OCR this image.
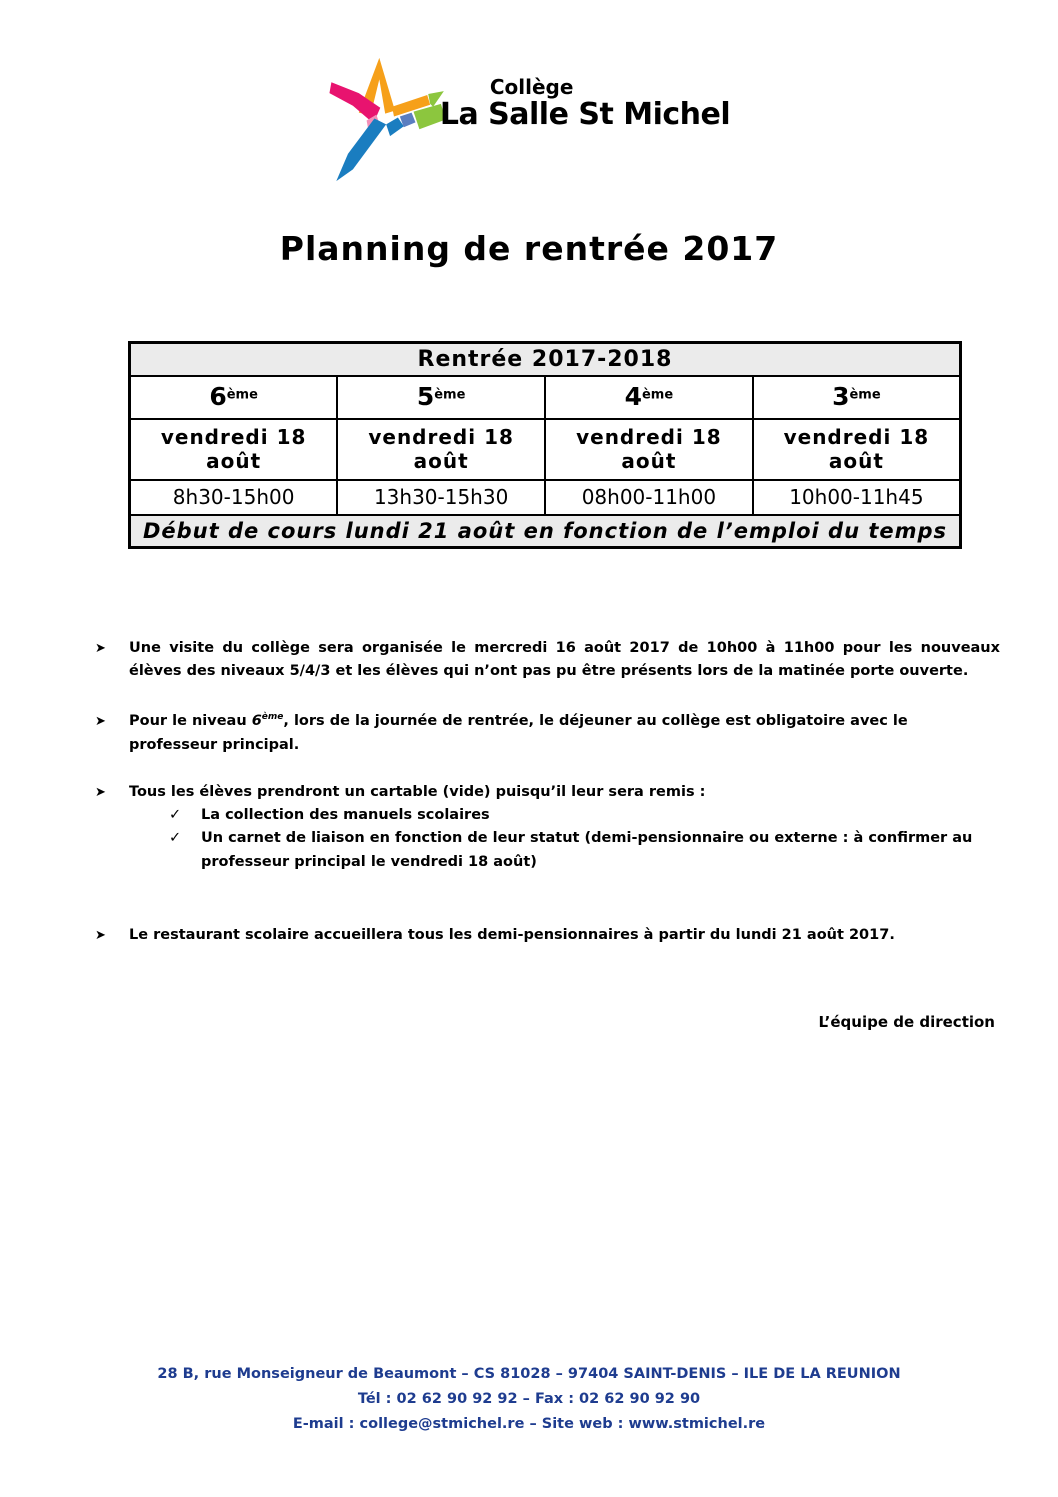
Collège
La Salle St Michel
Planning de rentrée 2017
Rentrée 2017-2018			
6ème	5ème	4ème	3ème
vendredi 18 août	vendredi 18 août	vendredi 18 août	vendredi 18 août
8h30-15h00	13h30-15h30	08h00-11h00	10h00-11h45
Début de cours lundi 21 août en fonction de l’emploi du temps			
➤	Une visite du collège sera organisée le mercredi 16 août 2017 de 10h00 à 11h00 pour les nouveaux élèves des niveaux 5/4/3 et les élèves qui n’ont pas pu être présents lors de la matinée porte ouverte.

➤	Pour le niveau 6ème, lors de la journée de rentrée, le déjeuner au collège est obligatoire avec le professeur principal.

➤	Tous les élèves prendront un cartable (vide) puisqu’il leur sera remis :

✓	La collection des manuels scolaires

✓	Un carnet de liaison en fonction de leur statut (demi-pensionnaire ou externe : à confirmer au professeur principal le vendredi 18 août)

➤	Le restaurant scolaire accueillera tous les demi-pensionnaires à partir du lundi 21 août 2017.

L’équipe de direction
28 B, rue Monseigneur de Beaumont – CS 81028 – 97404 SAINT-DENIS – ILE DE LA REUNION
Tél : 02 62 90 92 92 – Fax : 02 62 90 92 90
E-mail : college@stmichel.re – Site web : www.stmichel.re
